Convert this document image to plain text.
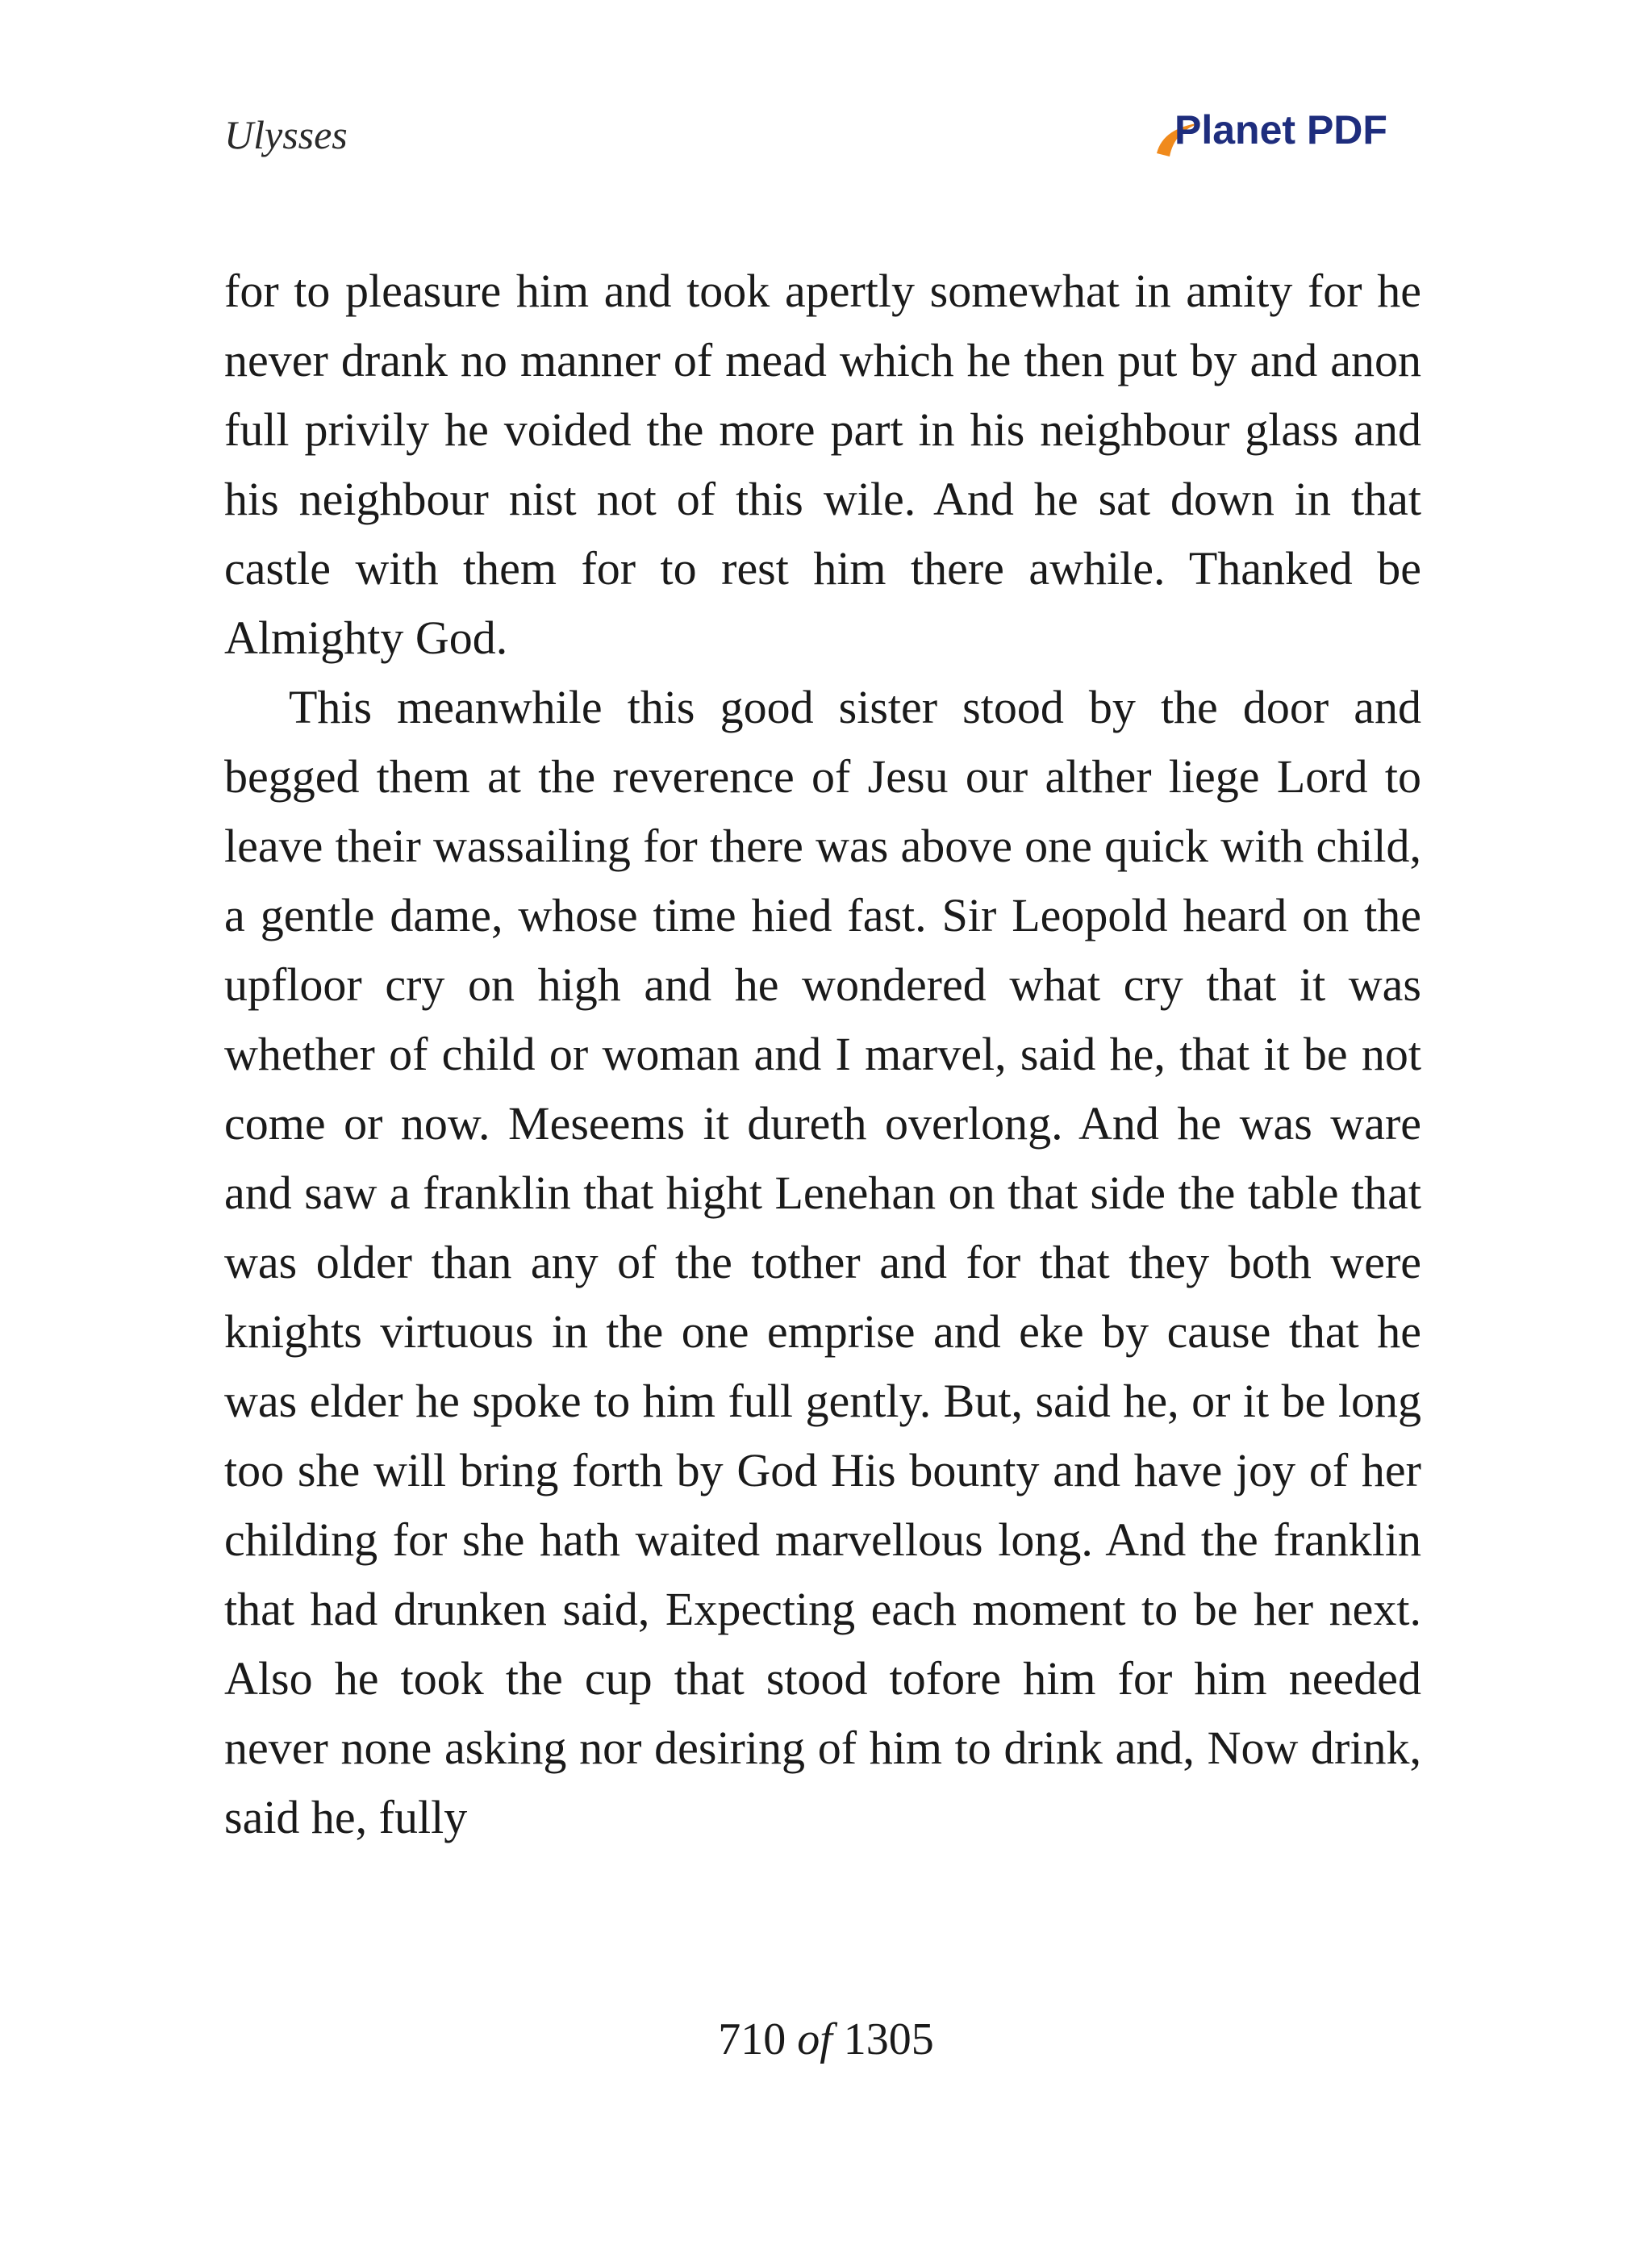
Ulysses	Planet PDF

for to pleasure him and took apertly somewhat in amity for he never drank no manner of mead which he then put by and anon full privily he voided the more part in his neighbour glass and his neighbour nist not of this wile. And he sat down in that castle with them for to rest him there awhile. Thanked be Almighty God.

This meanwhile this good sister stood by the door and begged them at the reverence of Jesu our alther liege Lord to leave their wassailing for there was above one quick with child, a gentle dame, whose time hied fast. Sir Leopold heard on the upfloor cry on high and he wondered what cry that it was whether of child or woman and I marvel, said he, that it be not come or now. Meseems it dureth overlong. And he was ware and saw a franklin that hight Lenehan on that side the table that was older than any of the tother and for that they both were knights virtuous in the one emprise and eke by cause that he was elder he spoke to him full gently. But, said he, or it be long too she will bring forth by God His bounty and have joy of her childing for she hath waited marvellous long. And the franklin that had drunken said, Expecting each moment to be her next. Also he took the cup that stood tofore him for him needed never none asking nor desiring of him to drink and, Now drink, said he, fully

710 of 1305
